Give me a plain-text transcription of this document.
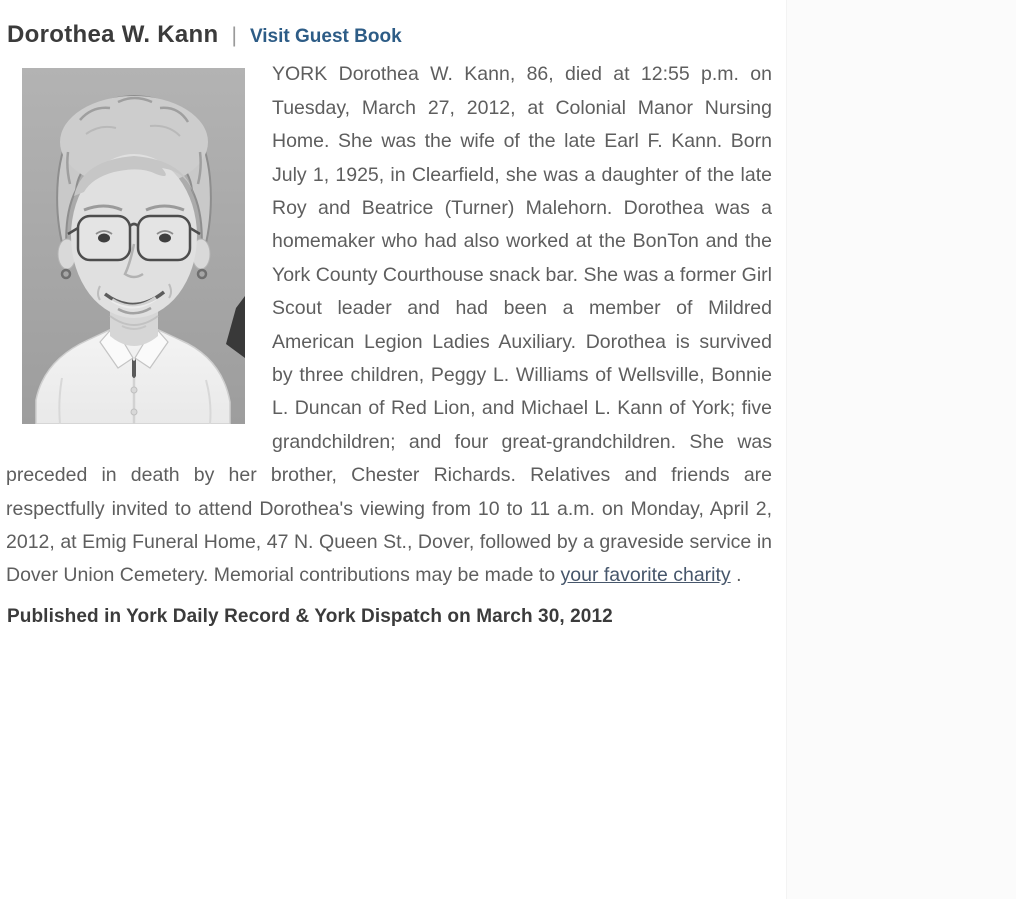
Dorothea W. Kann | Visit Guest Book
YORK Dorothea W. Kann, 86, died at 12:55 p.m. on Tuesday, March 27, 2012, at Colonial Manor Nursing Home. She was the wife of the late Earl F. Kann. Born July 1, 1925, in Clearfield, she was a daughter of the late Roy and Beatrice (Turner) Malehorn. Dorothea was a homemaker who had also worked at the BonTon and the York County Courthouse snack bar. She was a former Girl Scout leader and had been a member of Mildred American Legion Ladies Auxiliary. Dorothea is survived by three children, Peggy L. Williams of Wellsville, Bonnie L. Duncan of Red Lion, and Michael L. Kann of York; five grandchildren; and four great-grandchildren. She was preceded in death by her brother, Chester Richards. Relatives and friends are respectfully invited to attend Dorothea's viewing from 10 to 11 a.m. on Monday, April 2, 2012, at Emig Funeral Home, 47 N. Queen St., Dover, followed by a graveside service in Dover Union Cemetery. Memorial contributions may be made to your favorite charity .

Published in York Daily Record & York Dispatch on March 30, 2012
